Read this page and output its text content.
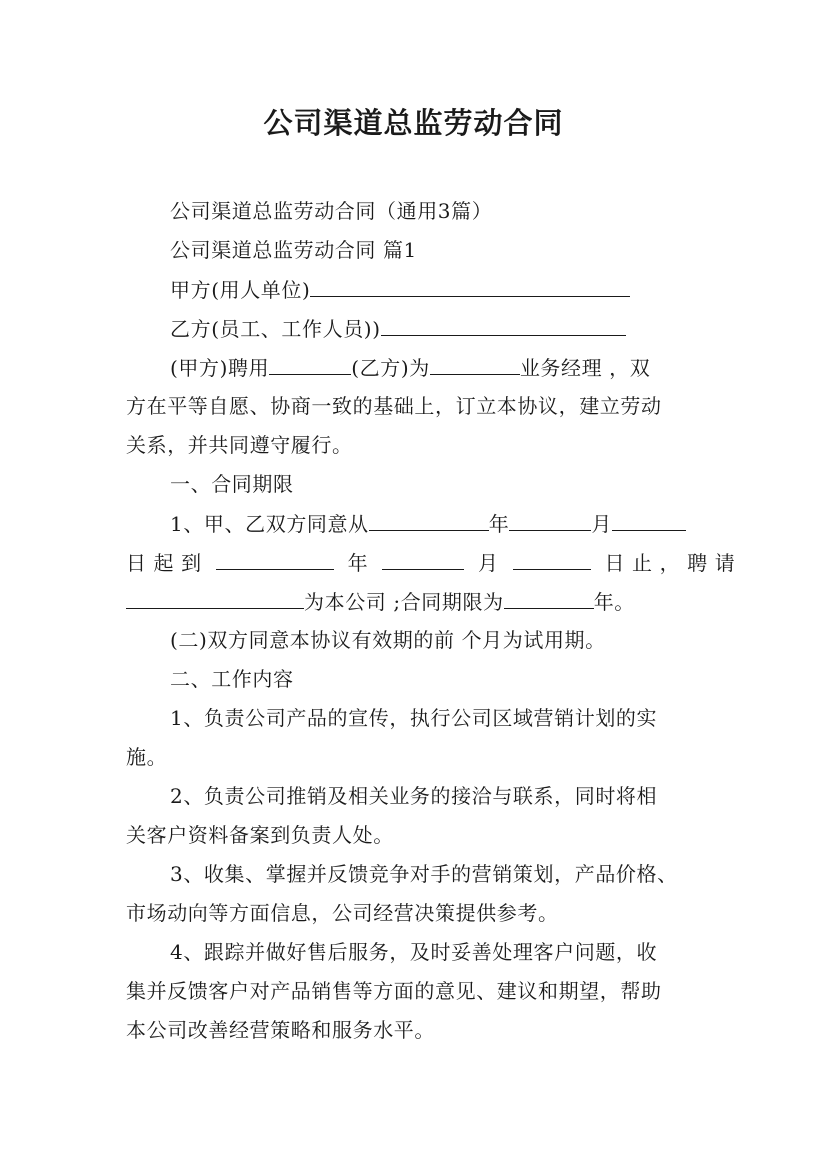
公司渠道总监劳动合同
公司渠道总监劳动合同（通用3篇）
公司渠道总监劳动合同 篇1
甲方(用人单位)
乙方(员工、工作人员))
(甲方)聘用	(乙方)为	业务经理 ，双
方在平等自愿、协商一致的基础上，订立本协议，建立劳动
关系，并共同遵守履行。
一、合同期限
1、甲、乙双方同意从	年	月
日 起 到	年	月	日 止 ， 聘 请
为本公司 ;合同期限为	年。
(二)双方同意本协议有效期的前 个月为试用期。
二、工作内容
1、负责公司产品的宣传，执行公司区域营销计划的实
施。
2、负责公司推销及相关业务的接洽与联系，同时将相
关客户资料备案到负责人处。
3、收集、掌握并反馈竞争对手的营销策划，产品价格、
市场动向等方面信息，公司经营决策提供参考。
4、跟踪并做好售后服务，及时妥善处理客户问题，收
集并反馈客户对产品销售等方面的意见、建议和期望，帮助
本公司改善经营策略和服务水平。
